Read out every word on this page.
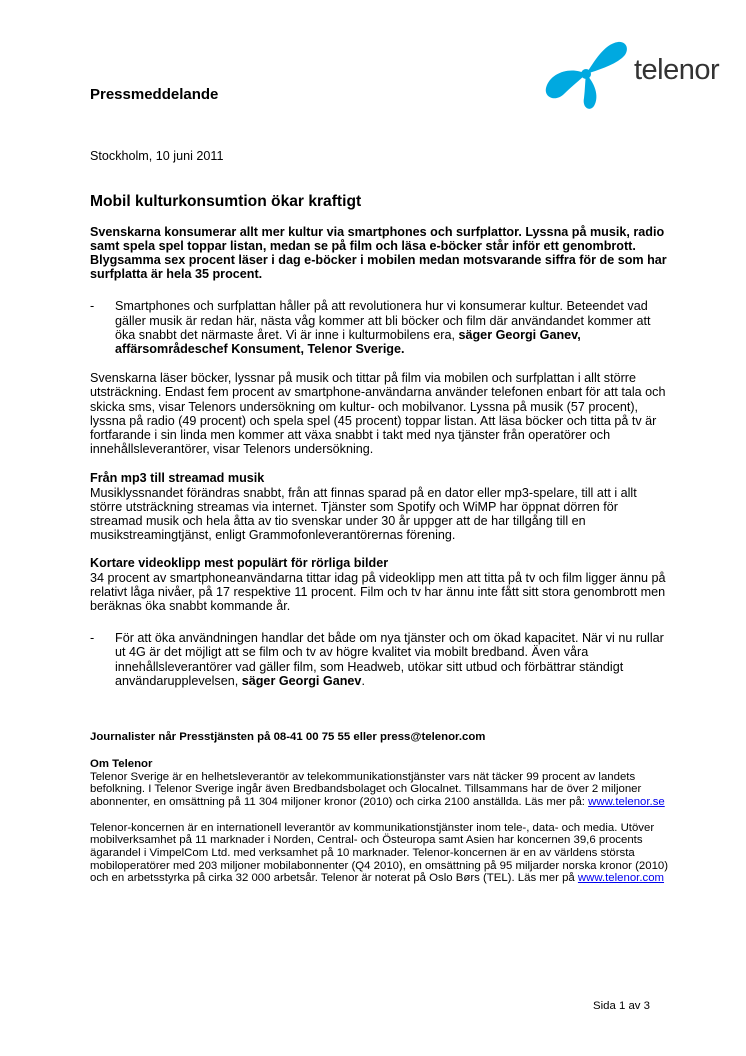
telenor

Pressmeddelande

Stockholm, 10 juni 2011

Mobil kulturkonsumtion ökar kraftigt

Svenskarna konsumerar allt mer kultur via smartphones och surfplattor. Lyssna på musik, radio samt spela spel toppar listan, medan se på film och läsa e-böcker står inför ett genombrott. Blygsamma sex procent läser i dag e-böcker i mobilen medan motsvarande siffra för de som har surfplatta är hela 35 procent.

- Smartphones och surfplattan håller på att revolutionera hur vi konsumerar kultur. Beteendet vad gäller musik är redan här, nästa våg kommer att bli böcker och film där användandet kommer att öka snabbt det närmaste året. Vi är inne i kulturmobilens era, säger Georgi Ganev, affärsområdeschef Konsument, Telenor Sverige.

Svenskarna läser böcker, lyssnar på musik och tittar på film via mobilen och surfplattan i allt större utsträckning. Endast fem procent av smartphone-användarna använder telefonen enbart för att tala och skicka sms, visar Telenors undersökning om kultur- och mobilvanor. Lyssna på musik (57 procent), lyssna på radio (49 procent) och spela spel (45 procent) toppar listan. Att läsa böcker och titta på tv är fortfarande i sin linda men kommer att växa snabbt i takt med nya tjänster från operatörer och innehållsleverantörer, visar Telenors undersökning.

Från mp3 till streamad musik

Musiklyssnandet förändras snabbt, från att finnas sparad på en dator eller mp3-spelare, till att i allt större utsträckning streamas via internet. Tjänster som Spotify och WiMP har öppnat dörren för streamad musik och hela åtta av tio svenskar under 30 år uppger att de har tillgång till en musikstreamingtjänst, enligt Grammofonleverantörernas förening.

Kortare videoklipp mest populärt för rörliga bilder

34 procent av smartphoneanvändarna tittar idag på videoklipp men att titta på tv och film ligger ännu på relativt låga nivåer, på 17 respektive 11 procent. Film och tv har ännu inte fått sitt stora genombrott men beräknas öka snabbt kommande år.

- För att öka användningen handlar det både om nya tjänster och om ökad kapacitet. När vi nu rullar ut 4G är det möjligt att se film och tv av högre kvalitet via mobilt bredband. Även våra innehållsleverantörer vad gäller film, som Headweb, utökar sitt utbud och förbättrar ständigt användarupplevelsen, säger Georgi Ganev.

Journalister når Presstjänsten på 08-41 00 75 55 eller press@telenor.com

Om Telenor

Telenor Sverige är en helhetsleverantör av telekommunikationstjänster vars nät täcker 99 procent av landets befolkning. I Telenor Sverige ingår även Bredbandsbolaget och Glocalnet. Tillsammans har de över 2 miljoner abonnenter, en omsättning på 11 304 miljoner kronor (2010) och cirka 2100 anställda. Läs mer på: www.telenor.se

Telenor-koncernen är en internationell leverantör av kommunikationstjänster inom tele-, data- och media. Utöver mobilverksamhet på 11 marknader i Norden, Central- och Östeuropa samt Asien har koncernen 39,6 procents ägarandel i VimpelCom Ltd. med verksamhet på 10 marknader. Telenor-koncernen är en av världens största mobiloperatörer med 203 miljoner mobilabonnenter (Q4 2010), en omsättning på 95 miljarder norska kronor (2010) och en arbetsstyrka på cirka 32 000 arbetsår. Telenor är noterat på Oslo Børs (TEL). Läs mer på www.telenor.com

Sida 1 av 3
